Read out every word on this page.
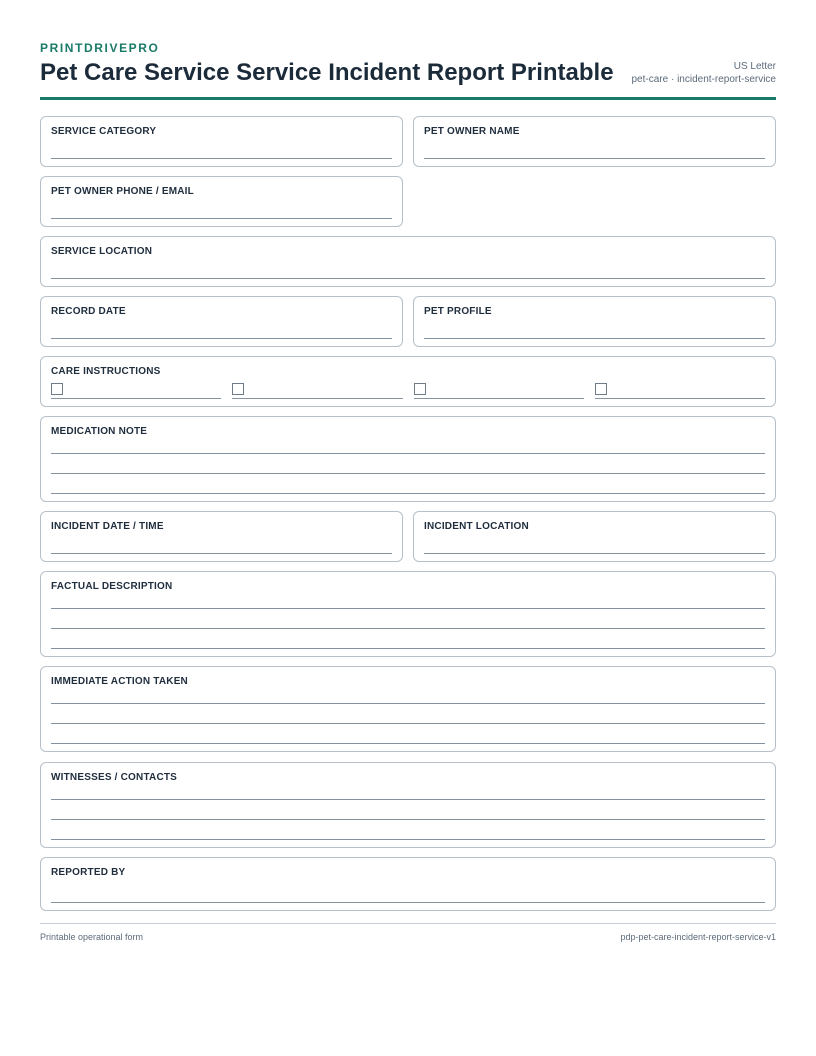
PRINTDRIVEPRO
Pet Care Service Service Incident Report Printable	US Letter
pet-care · incident-report-service
SERVICE CATEGORY	PET OWNER NAME
PET OWNER PHONE / EMAIL
SERVICE LOCATION
RECORD DATE	PET PROFILE
CARE INSTRUCTIONS
MEDICATION NOTE
INCIDENT DATE / TIME	INCIDENT LOCATION
FACTUAL DESCRIPTION
IMMEDIATE ACTION TAKEN
WITNESSES / CONTACTS
REPORTED BY
Printable operational form	pdp-pet-care-incident-report-service-v1
